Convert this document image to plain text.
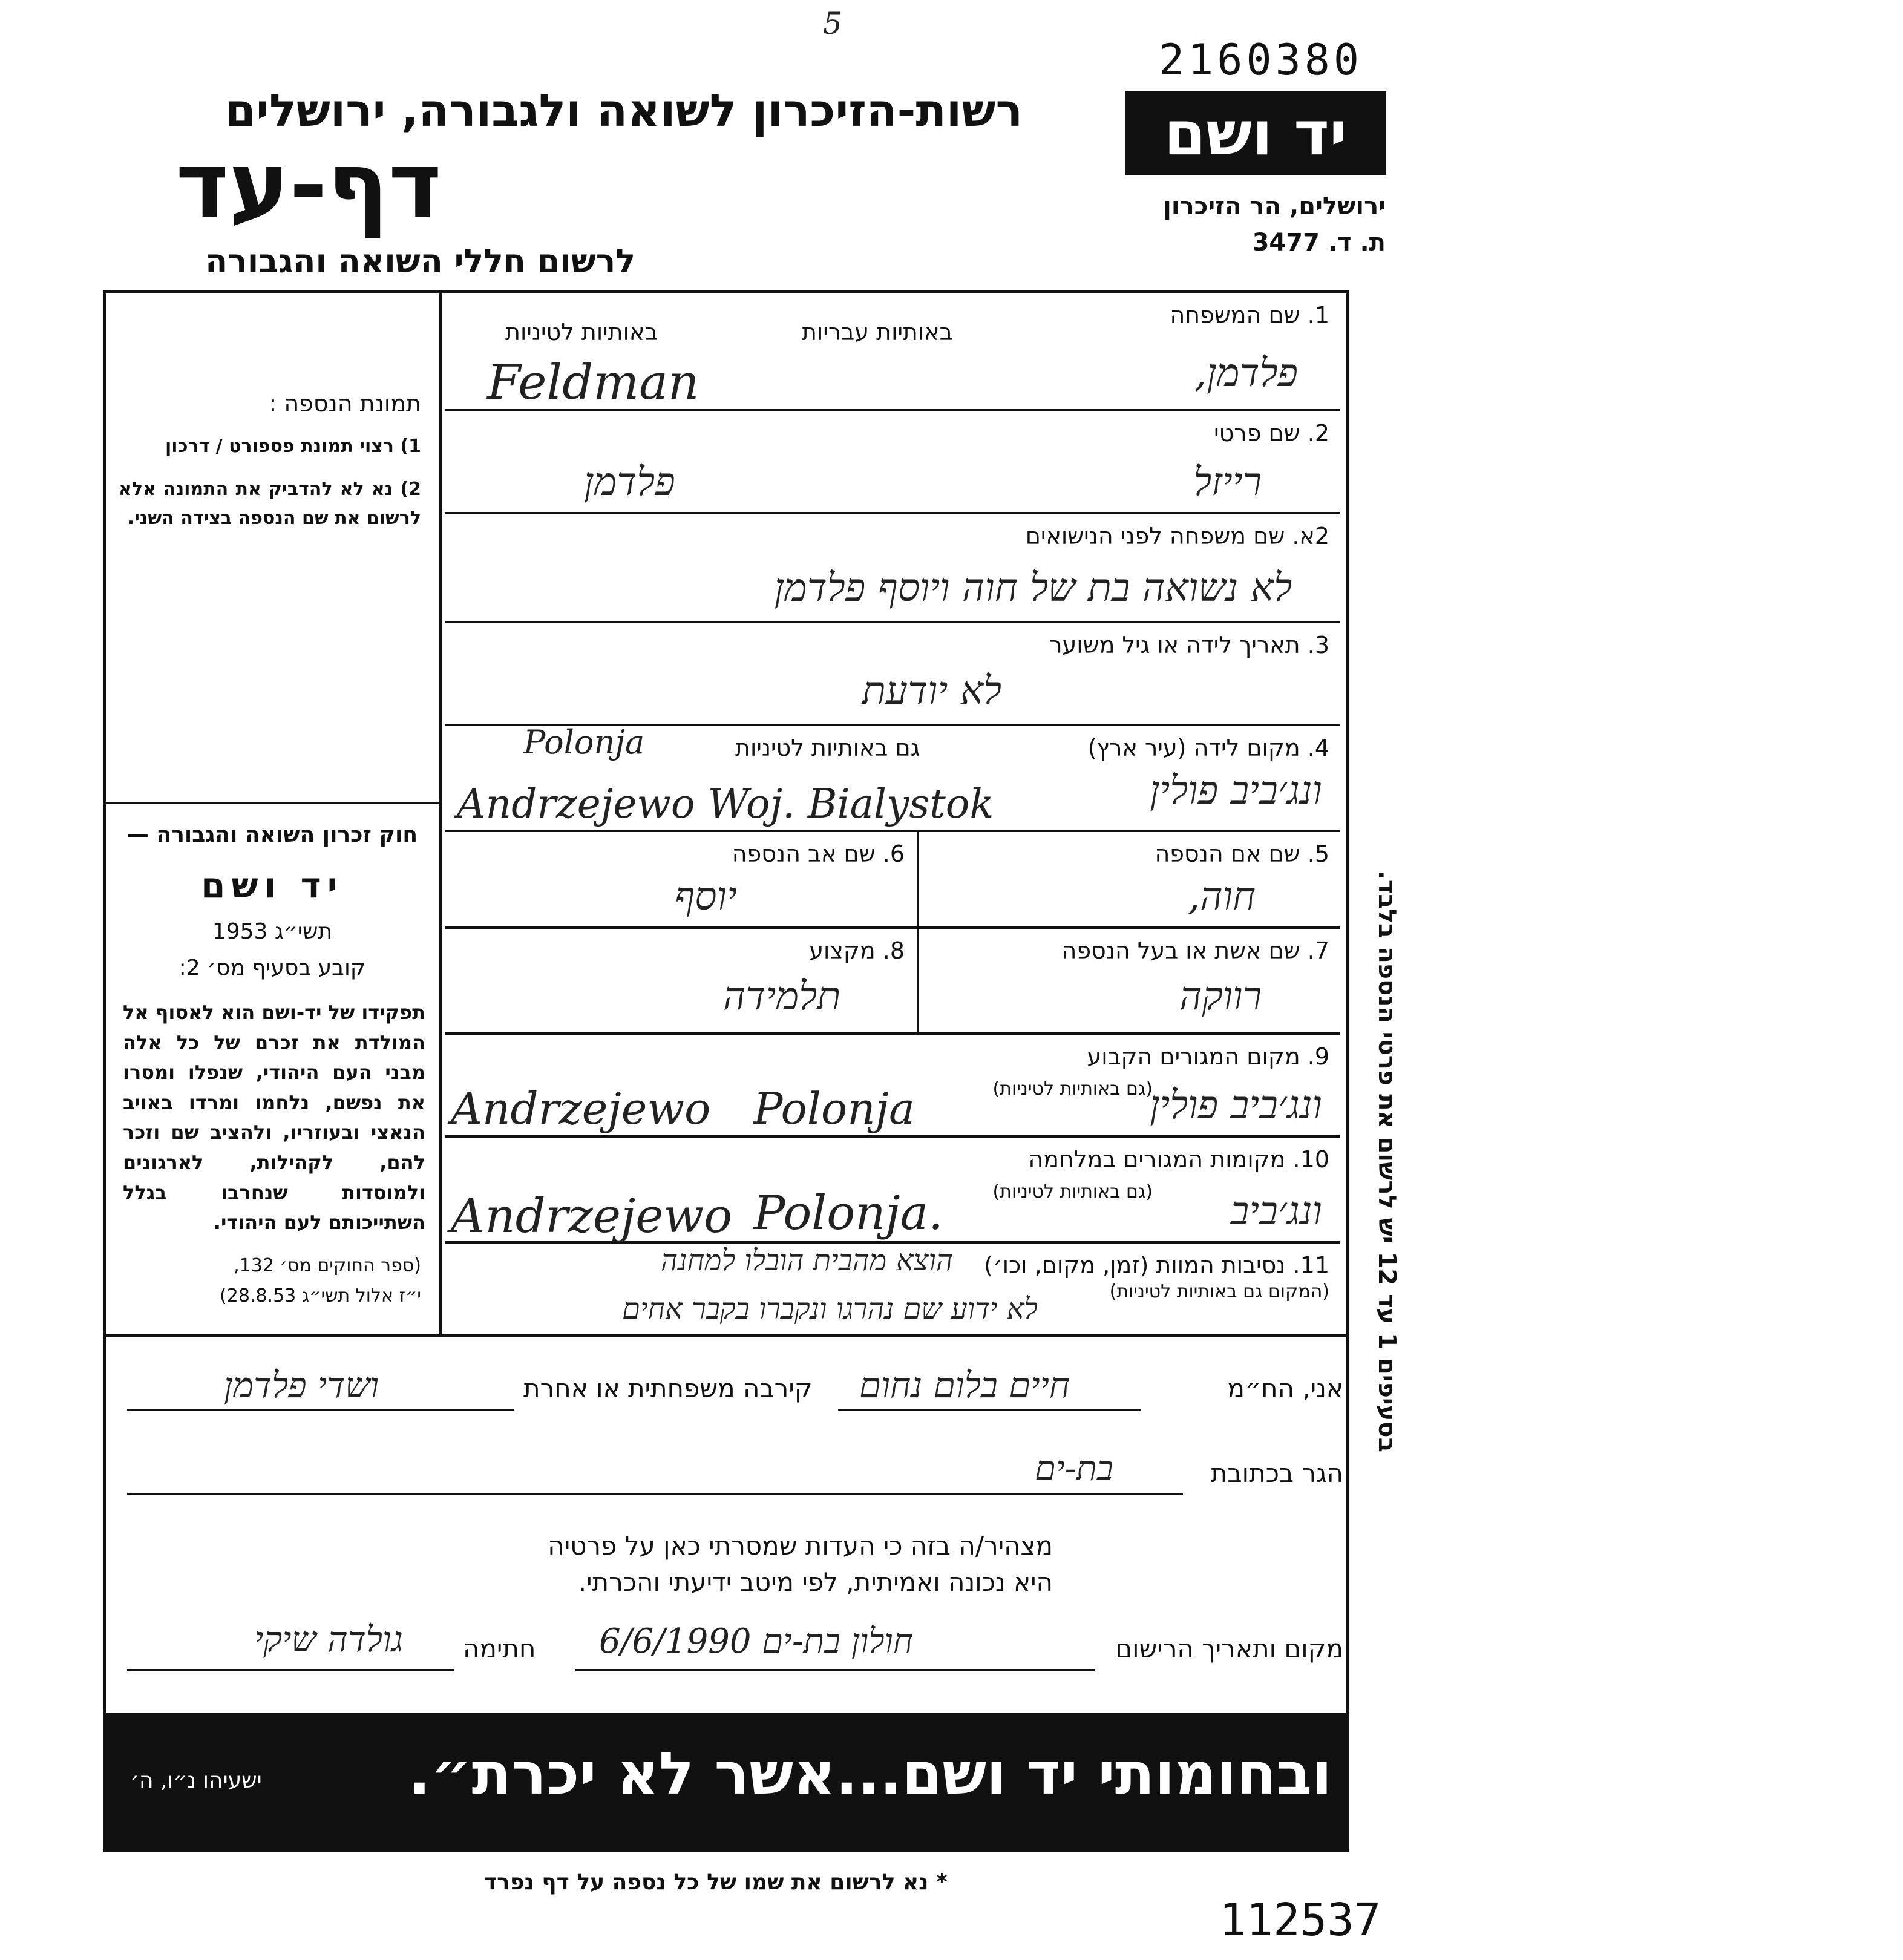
5
2160380
יד ושם
ירושלים, הר הזיכרון
ת. ד. 3477
רשות-הזיכרון לשואה ולגבורה, ירושלים
דף-עד
לרשום חללי השואה והגבורה
תמונת הנספה :
1) רצוי תמונת פספורט / דרכון
2) נא לא להדביק את התמונה אלא לרשום את שם הנספה בצידה השני.
חוק זכרון השואה והגבורה —
יד ושם
תשי״ג 1953
קובע בסעיף מס׳ 2:
תפקידו של יד-ושם הוא לאסוף אל המולדת את זכרם של כל אלה מבני העם היהודי, שנפלו ומסרו את נפשם, נלחמו ומרדו באויב הנאצי ובעוזריו, ולהציב שם וזכר להם, לקהילות, לארגונים ולמוסדות שנחרבו בגלל השתייכותם לעם היהודי.
(ספר החוקים מס׳ 132,
י״ז אלול תשי״ג 28.8.53)
1. שם המשפחה
באותיות עבריות
באותיות לטיניות
פלדמן,
Feldman
2. שם פרטי
רייזל
פלדמן
2א. שם משפחה לפני הנישואים
לא נשואה בת של חוה ויוסף פלדמן
3. תאריך לידה או גיל משוער
לא יודעת
4. מקום לידה (עיר ארץ)
גם באותיות לטיניות
ונג׳ביב פולין
Polonja
Andrzejewo Woj. Bialystok
5. שם אם הנספה
חוה,
6. שם אב הנספה
יוסף
7. שם אשת או בעל הנספה
רווקה
8. מקצוע
תלמידה
9. מקום המגורים הקבוע
(גם באותיות לטיניות)
ונג׳ביב פולין
Andrzejewo Polonja
10. מקומות המגורים במלחמה
(גם באותיות לטיניות) ונג׳ביב
Andrzejewo Polonja.
11. נסיבות המוות (זמן, מקום, וכו׳)
(המקום גם באותיות לטיניות)
הוצא מהבית הובלו למחנה
לא ידוע שם נהרגו ונקברו בקבר אחים
אני, הח״מ
חיים בלום נחום
קירבה משפחתית או אחרת
ושדי פלדמן
הגר בכתובת
בת-ים
מצהיר/ה בזה כי העדות שמסרתי כאן על פרטיה
היא נכונה ואמיתית, לפי מיטב ידיעתי והכרתי.
מקום ותאריך הרישום
חולון בת-ים 6/6/1990
חתימה
גולדה שיקי
״...ונתתי להם בביתי ובחומותי יד ושם...אשר לא יכרת״.
ישעיהו נ״ו, ה׳
בסעיפים 1 עד 12 יש לרשום את פרטי הנספה בלבד.
* נא לרשום את שמו של כל נספה על דף נפרד
112537
